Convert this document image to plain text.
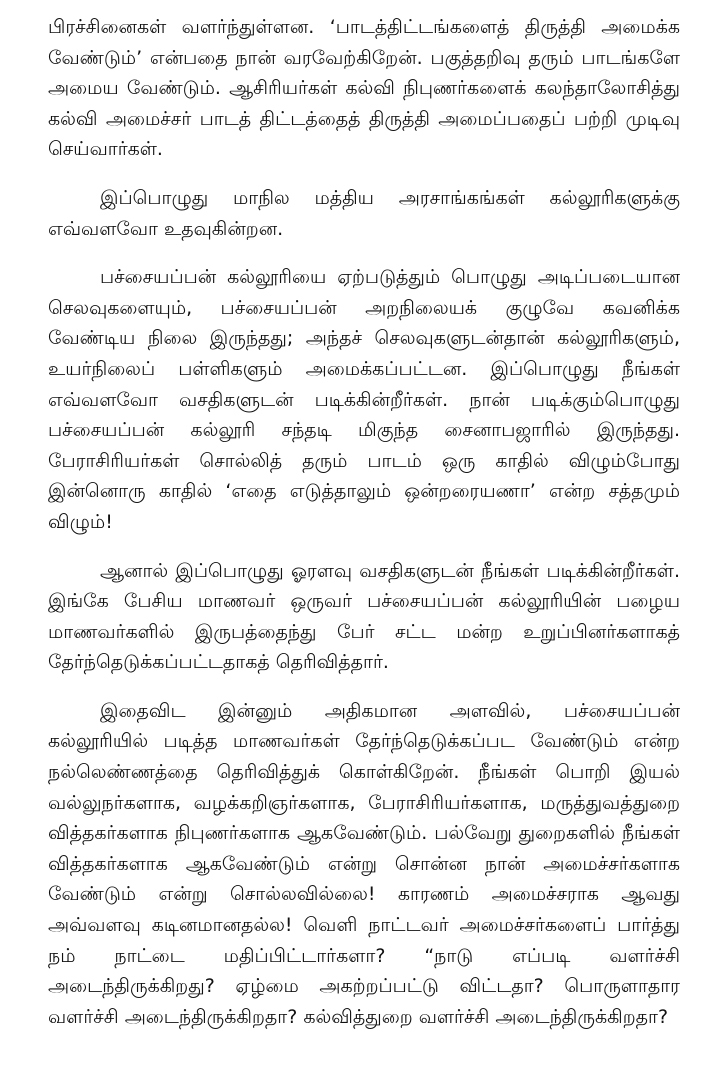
பிரச்சினைகள் வளர்ந்துள்ளன. ‘பாடத்திட்டங்களைத் திருத்தி அமைக்க வேண்டும்’ என்பதை நான் வரவேற்கிறேன். பகுத்தறிவு தரும் பாடங்களே அமைய வேண்டும். ஆசிரியர்கள் கல்வி நிபுணர்களைக் கலந்தாலோசித்து கல்வி அமைச்சர் பாடத் திட்டத்தைத் திருத்தி அமைப்பதைப் பற்றி முடிவு செய்வார்கள்.

இப்பொழுது மாநில மத்திய அரசாங்கங்கள் கல்லூரிகளுக்கு எவ்வளவோ உதவுகின்றன.

பச்சையப்பன் கல்லூரியை ஏற்படுத்தும் பொழுது அடிப்படையான செலவுகளையும், பச்சையப்பன் அறநிலையக் குழுவே கவனிக்க வேண்டிய நிலை இருந்தது; அந்தச் செலவுகளுடன்தான் கல்லூரிகளும், உயர்நிலைப் பள்ளிகளும் அமைக்கப்பட்டன. இப்பொழுது நீங்கள் எவ்வளவோ வசதிகளுடன் படிக்கின்றீர்கள். நான் படிக்கும்பொழுது பச்சையப்பன் கல்லூரி சந்தடி மிகுந்த சைனாபஜாரில் இருந்தது. பேராசிரியர்கள் சொல்லித் தரும் பாடம் ஒரு காதில் விழும்போது இன்னொரு காதில் ‘எதை எடுத்தாலும் ஒன்றரையணா’ என்ற சத்தமும் விழும்!

ஆனால் இப்பொழுது ஓரளவு வசதிகளுடன் நீங்கள் படிக்கின்றீர்கள். இங்கே பேசிய மாணவர் ஒருவர் பச்சையப்பன் கல்லூரியின் பழைய மாணவர்களில் இருபத்தைந்து பேர் சட்ட மன்ற உறுப்பினர்களாகத் தேர்ந்தெடுக்கப்பட்டதாகத் தெரிவித்தார்.

இதைவிட இன்னும் அதிகமான அளவில், பச்சையப்பன் கல்லூரியில் படித்த மாணவர்கள் தேர்ந்தெடுக்கப்பட வேண்டும் என்ற நல்லெண்ணத்தை தெரிவித்துக் கொள்கிறேன். நீங்கள் பொறி இயல் வல்லுநர்களாக, வழக்கறிஞர்களாக, பேராசிரியர்களாக, மருத்துவத்துறை வித்தகர்களாக நிபுணர்களாக ஆகவேண்டும். பல்வேறு துறைகளில் நீங்கள் வித்தகர்களாக ஆகவேண்டும் என்று சொன்ன நான் அமைச்சர்களாக வேண்டும் என்று சொல்லவில்லை! காரணம் அமைச்சராக ஆவது அவ்வளவு கடினமானதல்ல! வெளி நாட்டவர் அமைச்சர்களைப் பார்த்து நம் நாட்டை மதிப்பிட்டார்களா? “நாடு எப்படி வளர்ச்சி அடைந்திருக்கிறது? ஏழ்மை அகற்றப்பட்டு விட்டதா? பொருளாதார வளர்ச்சி அடைந்திருக்கிறதா? கல்வித்துறை வளர்ச்சி அடைந்திருக்கிறதா?
